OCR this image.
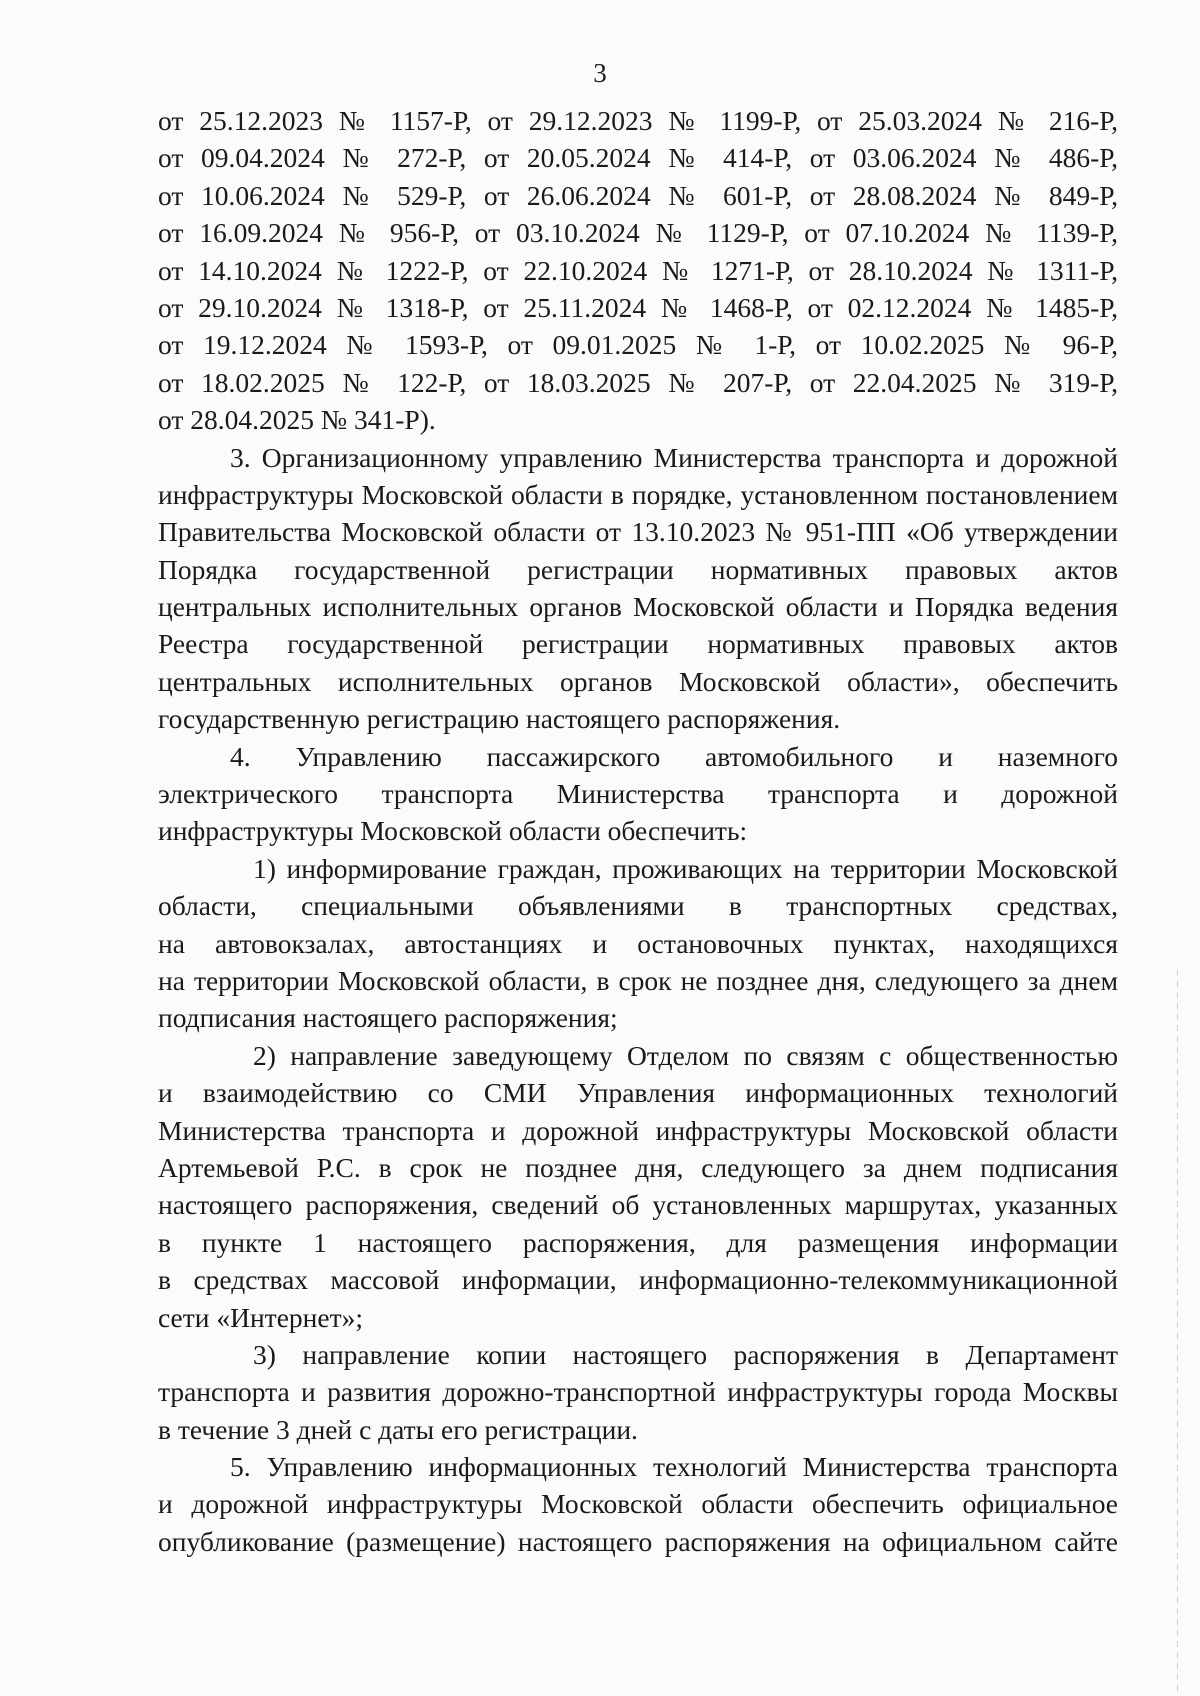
3
от 25.12.2023 № 1157-Р, от 29.12.2023 № 1199-Р, от 25.03.2024 № 216-Р,
от 09.04.2024 № 272-Р, от 20.05.2024 № 414-Р, от 03.06.2024 № 486-Р,
от 10.06.2024 № 529-Р, от 26.06.2024 № 601-Р, от 28.08.2024 № 849-Р,
от 16.09.2024 № 956-Р, от 03.10.2024 № 1129-Р, от 07.10.2024 № 1139-Р,
от 14.10.2024 № 1222-Р, от 22.10.2024 № 1271-Р, от 28.10.2024 № 1311-Р,
от 29.10.2024 № 1318-Р, от 25.11.2024 № 1468-Р, от 02.12.2024 № 1485-Р,
от 19.12.2024 № 1593-Р, от 09.01.2025 № 1-Р, от 10.02.2025 № 96-Р,
от 18.02.2025 № 122-Р, от 18.03.2025 № 207-Р, от 22.04.2025 № 319-Р,
от 28.04.2025 № 341-Р).
3. Организационному управлению Министерства транспорта и дорожной
инфраструктуры Московской области в порядке, установленном постановлением
Правительства Московской области от 13.10.2023 № 951-ПП «Об утверждении
Порядка государственной регистрации нормативных правовых актов
центральных исполнительных органов Московской области и Порядка ведения
Реестра государственной регистрации нормативных правовых актов
центральных исполнительных органов Московской области», обеспечить
государственную регистрацию настоящего распоряжения.
4. Управлению пассажирского автомобильного и наземного
электрического транспорта Министерства транспорта и дорожной
инфраструктуры Московской области обеспечить:
1) информирование граждан, проживающих на территории Московской
области, специальными объявлениями в транспортных средствах,
на автовокзалах, автостанциях и остановочных пунктах, находящихся
на территории Московской области, в срок не позднее дня, следующего за днем
подписания настоящего распоряжения;
2) направление заведующему Отделом по связям с общественностью
и взаимодействию со СМИ Управления информационных технологий
Министерства транспорта и дорожной инфраструктуры Московской области
Артемьевой Р.С. в срок не позднее дня, следующего за днем подписания
настоящего распоряжения, сведений об установленных маршрутах, указанных
в пункте 1 настоящего распоряжения, для размещения информации
в средствах массовой информации, информационно-телекоммуникационной
сети «Интернет»;
3) направление копии настоящего распоряжения в Департамент
транспорта и развития дорожно-транспортной инфраструктуры города Москвы
в течение 3 дней с даты его регистрации.
5. Управлению информационных технологий Министерства транспорта
и дорожной инфраструктуры Московской области обеспечить официальное
опубликование (размещение) настоящего распоряжения на официальном сайте
